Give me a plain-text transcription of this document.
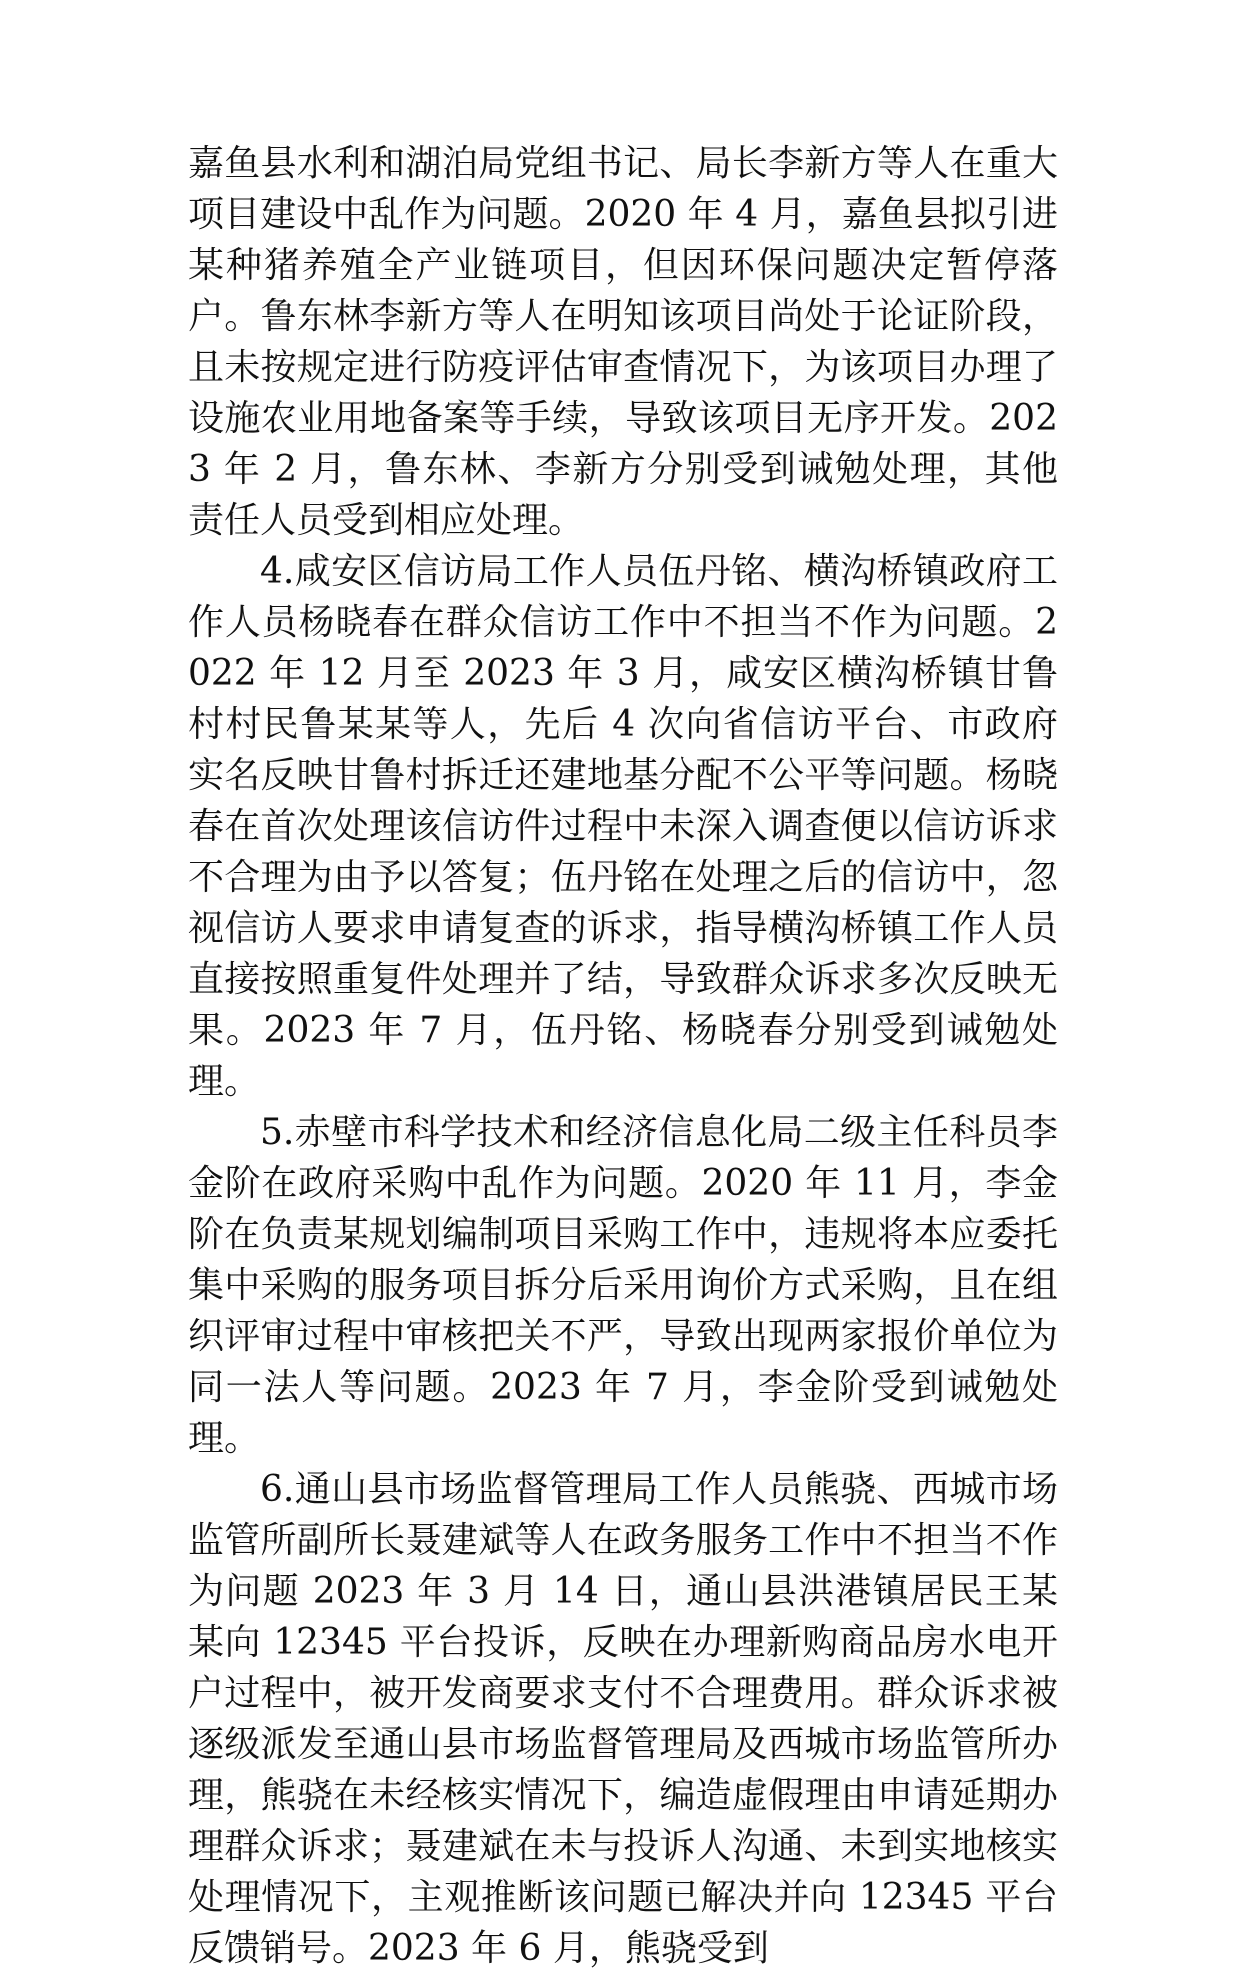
嘉鱼县水利和湖泊局党组书记、局长李新方等人在重大项目建设中乱作为问题。2020 年 4 月，嘉鱼县拟引进某种猪养殖全产业链项目，但因环保问题决定暂停落户。鲁东林李新方等人在明知该项目尚处于论证阶段，且未按规定进行防疫评估审查情况下，为该项目办理了设施农业用地备案等手续，导致该项目无序开发。2023 年 2 月，鲁东林、李新方分别受到诫勉处理，其他责任人员受到相应处理。

4.咸安区信访局工作人员伍丹铭、横沟桥镇政府工作人员杨晓春在群众信访工作中不担当不作为问题。2022 年 12 月至 2023 年 3 月，咸安区横沟桥镇甘鲁村村民鲁某某等人，先后 4 次向省信访平台、市政府实名反映甘鲁村拆迁还建地基分配不公平等问题。杨晓春在首次处理该信访件过程中未深入调查便以信访诉求不合理为由予以答复；伍丹铭在处理之后的信访中，忽视信访人要求申请复查的诉求，指导横沟桥镇工作人员直接按照重复件处理并了结，导致群众诉求多次反映无果。2023 年 7 月，伍丹铭、杨晓春分别受到诫勉处理。

5.赤壁市科学技术和经济信息化局二级主任科员李金阶在政府采购中乱作为问题。2020 年 11 月，李金阶在负责某规划编制项目采购工作中，违规将本应委托集中采购的服务项目拆分后采用询价方式采购，且在组织评审过程中审核把关不严，导致出现两家报价单位为同一法人等问题。2023 年 7 月，李金阶受到诫勉处理。

6.通山县市场监督管理局工作人员熊骁、西城市场监管所副所长聂建斌等人在政务服务工作中不担当不作为问题 2023 年 3 月 14 日，通山县洪港镇居民王某某向 12345 平台投诉，反映在办理新购商品房水电开户过程中，被开发商要求支付不合理费用。群众诉求被逐级派发至通山县市场监督管理局及西城市场监管所办理，熊骁在未经核实情况下，编造虚假理由申请延期办理群众诉求；聂建斌在未与投诉人沟通、未到实地核实处理情况下，主观推断该问题已解决并向 12345 平台反馈销号。2023 年 6 月，熊骁受到
